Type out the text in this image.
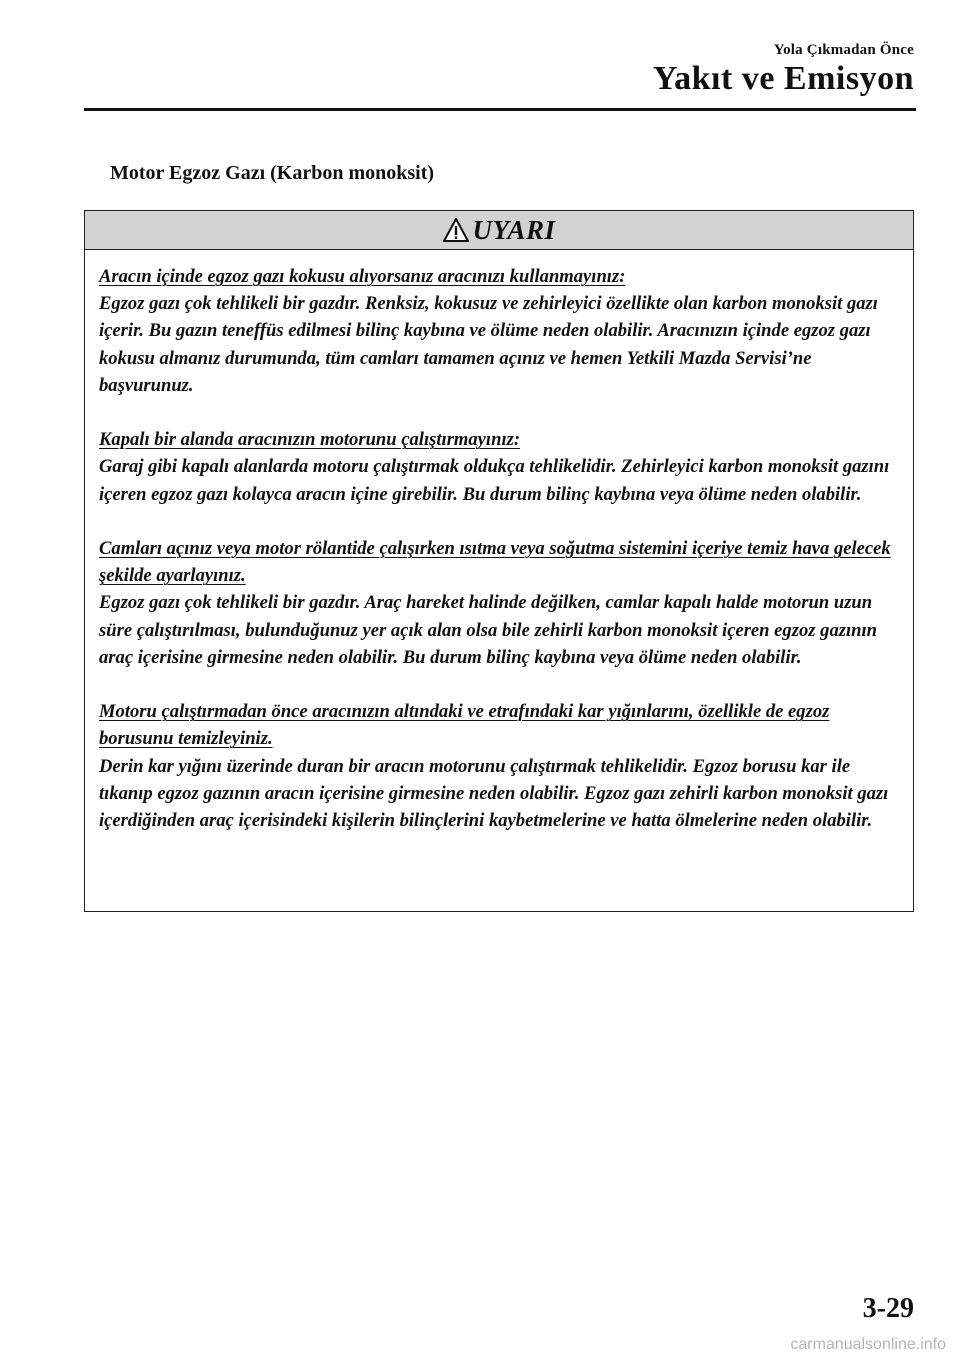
Yola Çıkmadan Önce
Yakıt ve Emisyon
Motor Egzoz Gazı (Karbon monoksit)
UYARI
Aracın içinde egzoz gazı kokusu alıyorsanız aracınızı kullanmayınız:
Egzoz gazı çok tehlikeli bir gazdır. Renksiz, kokusuz ve zehirleyici özellikte olan karbon monoksit gazı içerir. Bu gazın teneffüs edilmesi bilinç kaybına ve ölüme neden olabilir. Aracınızın içinde egzoz gazı kokusu almanız durumunda, tüm camları tamamen açınız ve hemen Yetkili Mazda Servisi’ne başvurunuz.
Kapalı bir alanda aracınızın motorunu çalıştırmayınız:
Garaj gibi kapalı alanlarda motoru çalıştırmak oldukça tehlikelidir. Zehirleyici karbon monoksit gazını içeren egzoz gazı kolayca aracın içine girebilir. Bu durum bilinç kaybına veya ölüme neden olabilir.
Camları açınız veya motor rölantide çalışırken ısıtma veya soğutma sistemini içeriye temiz hava gelecek şekilde ayarlayınız.
Egzoz gazı çok tehlikeli bir gazdır. Araç hareket halinde değilken, camlar kapalı halde motorun uzun süre çalıştırılması, bulunduğunuz yer açık alan olsa bile zehirli karbon monoksit içeren egzoz gazının araç içerisine girmesine neden olabilir. Bu durum bilinç kaybına veya ölüme neden olabilir.
Motoru çalıştırmadan önce aracınızın altındaki ve etrafındaki kar yığınlarını, özellikle de egzoz borusunu temizleyiniz.
Derin kar yığını üzerinde duran bir aracın motorunu çalıştırmak tehlikelidir. Egzoz borusu kar ile tıkanıp egzoz gazının aracın içerisine girmesine neden olabilir. Egzoz gazı zehirli karbon monoksit gazı içerdiğinden araç içerisindeki kişilerin bilinçlerini kaybetmelerine ve hatta ölmelerine neden olabilir.
3-29
carmanualsonline.info
